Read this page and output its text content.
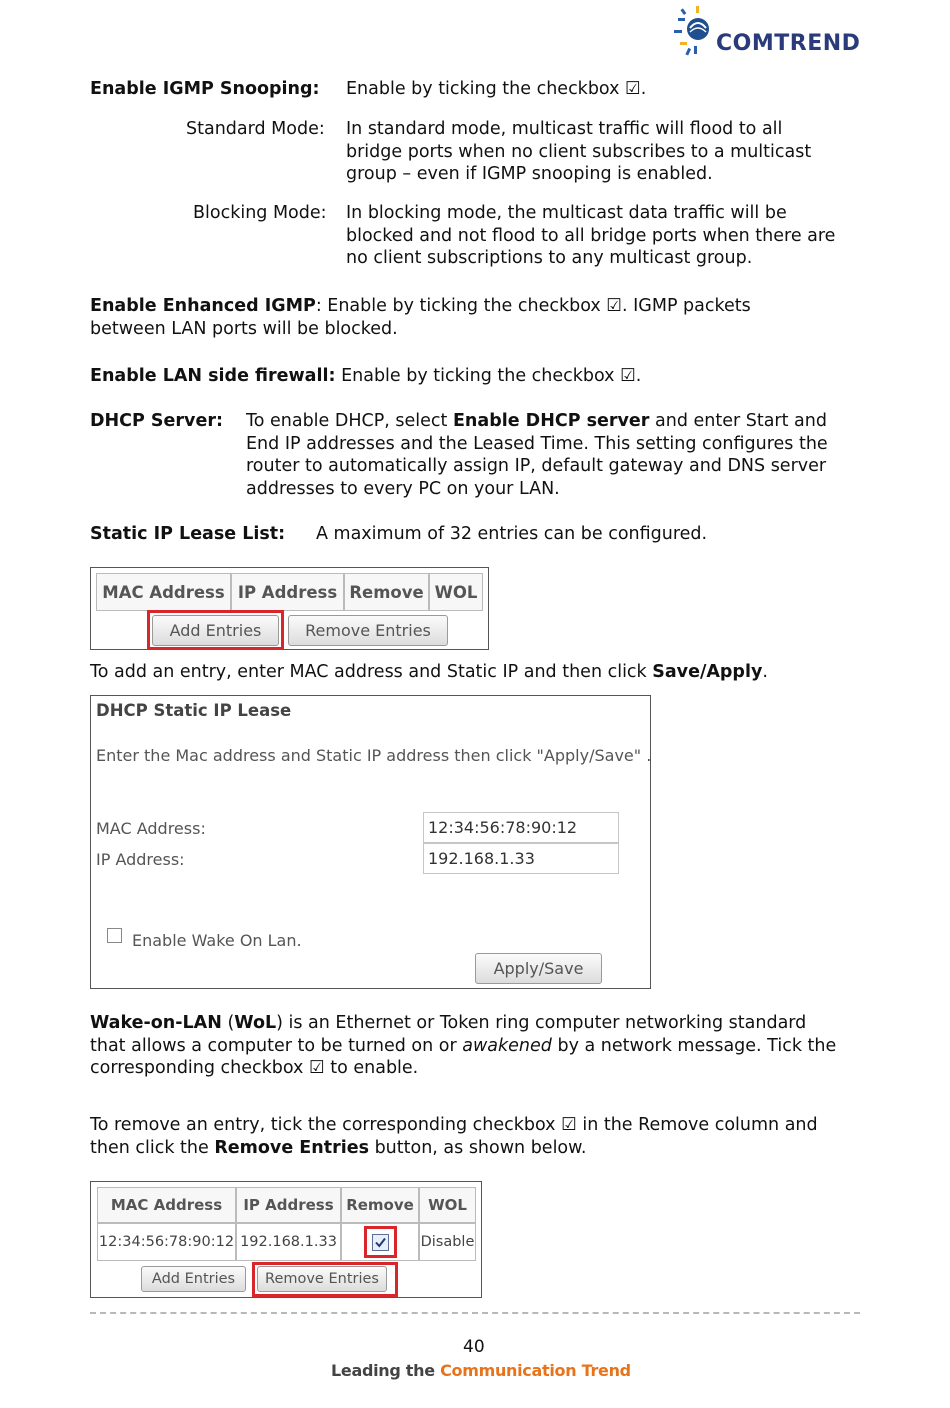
COMTREND
Enable IGMP Snooping: Enable by ticking the checkbox ☑.
Standard Mode: In standard mode, multicast traffic will flood to all
bridge ports when no client subscribes to a multicast
group – even if IGMP snooping is enabled.
Blocking Mode: In blocking mode, the multicast data traffic will be
blocked and not flood to all bridge ports when there are
no client subscriptions to any multicast group.
Enable Enhanced IGMP: Enable by ticking the checkbox ☑. IGMP packets
between LAN ports will be blocked.
Enable LAN side firewall: Enable by ticking the checkbox ☑.
DHCP Server: To enable DHCP, select Enable DHCP server and enter Start and
End IP addresses and the Leased Time. This setting configures the
router to automatically assign IP, default gateway and DNS server
addresses to every PC on your LAN.
Static IP Lease List: A maximum of 32 entries can be configured.
MAC Address IP Address Remove WOL
Add Entries	Remove Entries
To add an entry, enter MAC address and Static IP and then click Save/Apply.
DHCP Static IP Lease
Enter the Mac address and Static IP address then click "Apply/Save" .
MAC Address:	12:34:56:78:90:12
IP Address:	192.168.1.33
Enable Wake On Lan.
Apply/Save
Wake-on-LAN (WoL) is an Ethernet or Token ring computer networking standard
that allows a computer to be turned on or awakened by a network message. Tick the
corresponding checkbox ☑ to enable.
To remove an entry, tick the corresponding checkbox ☑ in the Remove column and
then click the Remove Entries button, as shown below.
MAC Address	IP Address Remove WOL
12:34:56:78:90:12 192.168.1.33	Disable
Add Entries	Remove Entries
40
Leading the Communication Trend
